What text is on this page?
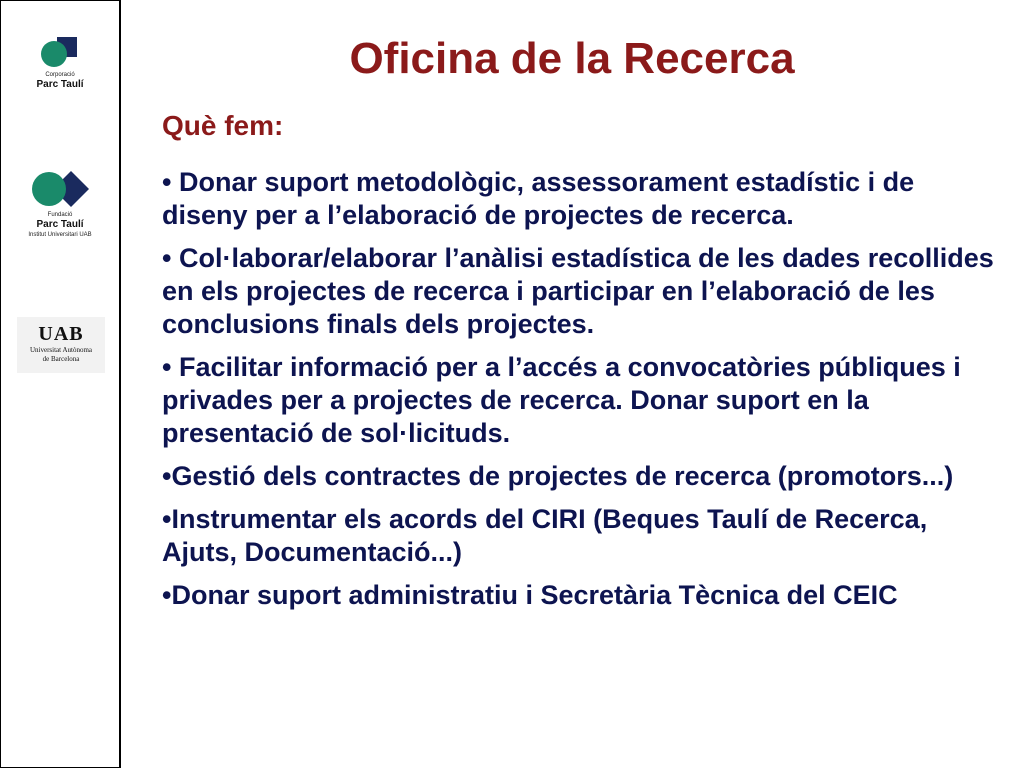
Corporació
Parc Taulí
Fundació
Parc Taulí
Institut Universitari UAB
UAB
Universitat Autònoma
de Barcelona
Oficina de la Recerca
Què fem:
• Donar suport metodològic, assessorament estadístic i de diseny per a l’elaboració de projectes de recerca.
• Col·laborar/elaborar l’anàlisi estadística de les dades recollides en els projectes de recerca i participar en l’elaboració de les conclusions finals dels projectes.
• Facilitar informació per a l’accés a convocatòries públiques i privades per a projectes de recerca. Donar suport en la presentació de sol·licituds.
•Gestió dels contractes de projectes de recerca (promotors...)
•Instrumentar els acords del CIRI (Beques Taulí de Recerca, Ajuts, Documentació...)
•Donar suport administratiu i Secretària Tècnica del CEIC
